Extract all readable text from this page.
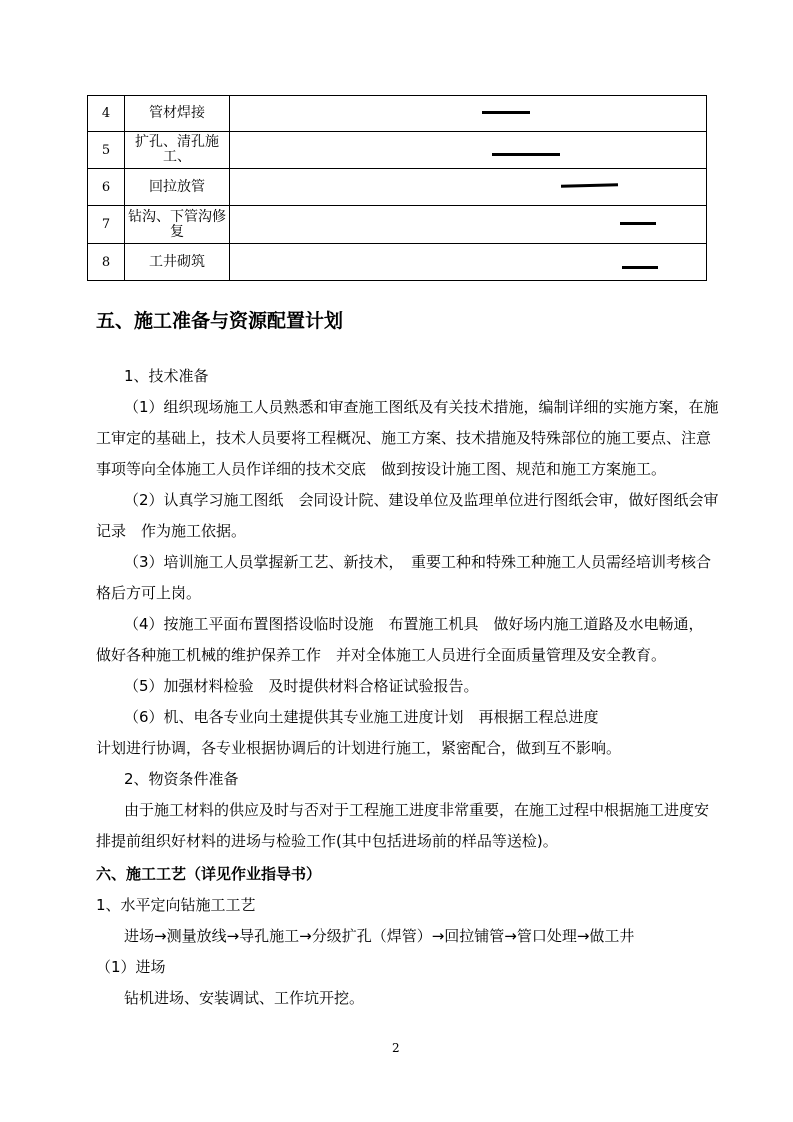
4	管材焊接	

5	扩孔、清孔施工、	

6	回拉放管	

7	钻沟、下管沟修复	

8	工井砌筑	
五、施工准备与资源配置计划
1、技术准备
（1）组织现场施工人员熟悉和审查施工图纸及有关技术措施，编制详细的实施方案，在施
工审定的基础上，技术人员要将工程概况、施工方案、技术措施及特殊部位的施工要点、注意
事项等向全体施工人员作详细的技术交底　做到按设计施工图、规范和施工方案施工。
（2）认真学习施工图纸　会同设计院、建设单位及监理单位进行图纸会审，做好图纸会审
记录　作为施工依据。
（3）培训施工人员掌握新工艺、新技术，　重要工种和特殊工种施工人员需经培训考核合
格后方可上岗。
（4）按施工平面布置图搭设临时设施　布置施工机具　做好场内施工道路及水电畅通，
做好各种施工机械的维护保养工作　并对全体施工人员进行全面质量管理及安全教育。
（5）加强材料检验　及时提供材料合格证试验报告。
（6）机、电各专业向土建提供其专业施工进度计划　再根据工程总进度
计划进行协调，各专业根据协调后的计划进行施工，紧密配合，做到互不影响。
2、物资条件准备
由于施工材料的供应及时与否对于工程施工进度非常重要，在施工过程中根据施工进度安
排提前组织好材料的进场与检验工作(其中包括进场前的样品等送检)。
六、施工工艺（详见作业指导书）
1、水平定向钻施工工艺
进场→测量放线→导孔施工→分级扩孔（焊管）→回拉铺管→管口处理→做工井
（1）进场
钻机进场、安装调试、工作坑开挖。
2
